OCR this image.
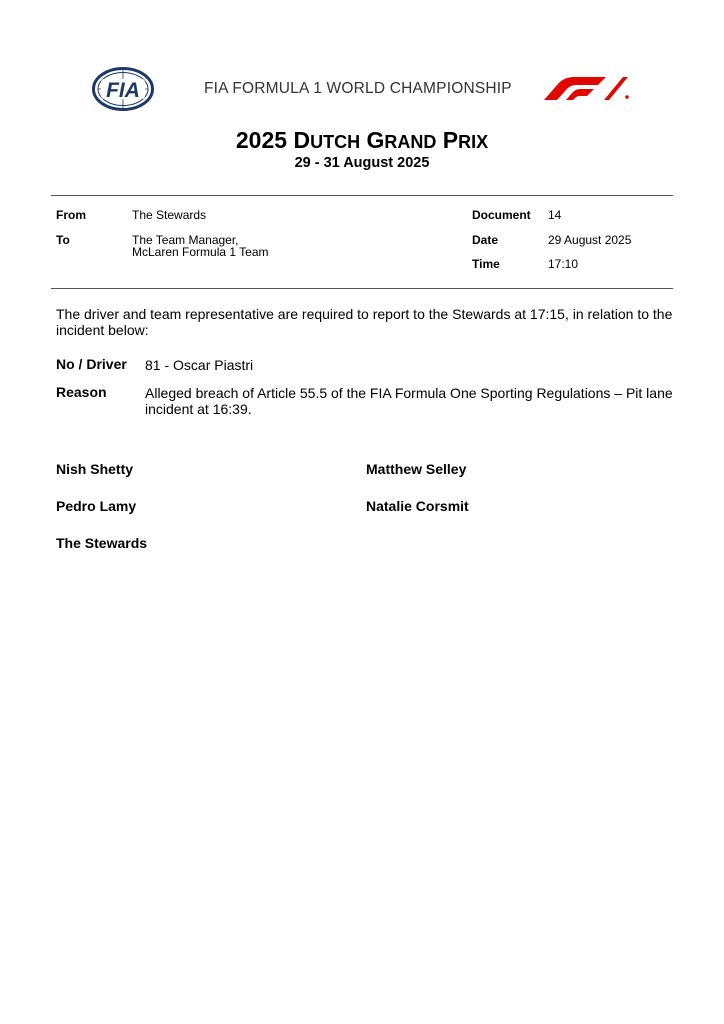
FIA	FIA FORMULA 1 WORLD CHAMPIONSHIP
2025 DUTCH GRAND PRIX
29 - 31 August 2025
From	The Stewards
To	The Team Manager,
McLaren Formula 1 Team
Document 14
Date	29 August 2025
Time	17:10
The driver and team representative are required to report to the Stewards at 17:15, in relation to the
incident below:
No / Driver 81 - Oscar Piastri
Reason	Alleged breach of Article 55.5 of the FIA Formula One Sporting Regulations – Pit lane
incident at 16:39.
Nish Shetty	Matthew Selley
Pedro Lamy	Natalie Corsmit
The Stewards
